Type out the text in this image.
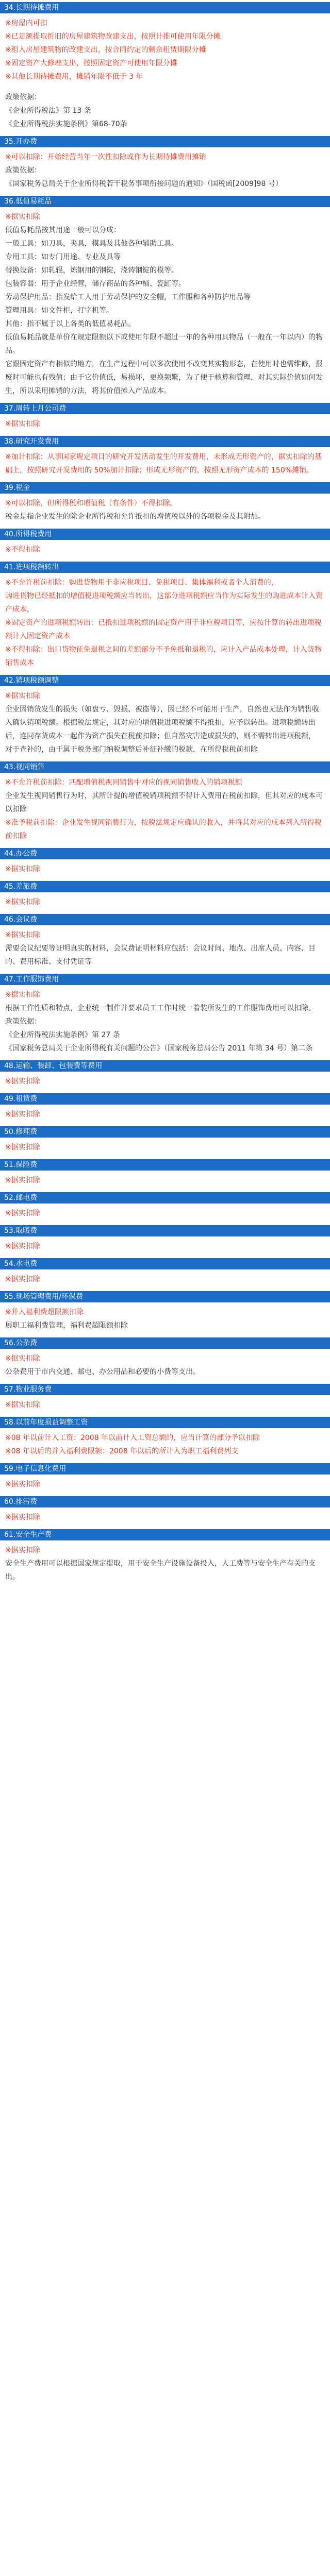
34.长期待摊费用
※房屋内可扣
※已足额提取折旧的房屋建筑物改建支出，按照计推可使用年限分摊
※租入房屋建筑物的改建支出，按合同约定的剩余租赁期限分摊
※固定资产大修理支出，按照固定资产可使用年限分摊
※其他长期待摊费用，摊销年限不低于 3 年
政策依据：
《企业所得税法》第 13 条
《企业所得税法实施条例》第68-70条
35.开办费
※可以扣除：开始经营当年一次性扣除或作为长期待摊费用摊销
政策依据：
《国家税务总局关于企业所得税若干税务事项衔接问题的通知》（国税函[2009]98 号）
36.低值易耗品
※据实扣除
低值易耗品按其用途一般可以分成：
一般工具：如刀具，夹具，模具及其他各种辅助工具。
专用工具：如专门用途、专业及具等
替换设备：如轧辊，炼钢用的钢锭，浇铸钢锭的模等。
包装容器：用于企业经营，储存商品的各种桶、瓷缸等。
劳动保护用品：指发给工人用于劳动保护的安全帽，工作服和各种防护用品等
管理用具：如文件柜，打字机等。
其他：指不属于以上各类的低值易耗品。
低值易耗品就是单价在规定限额以下或使用年限不超过一年的各种用具物品（一般在一年以内）的物品。
它跟固定资产有相似的地方，在生产过程中可以多次使用不改变其实物形态，在使用时也需维修，报废时可能也有残值；由于它价值低，易损坏，更换频繁，为了便于核算和管理，对其实际价值如何发生，所以采用摊销的方法，将其价值摊入产品成本。
37.周转上月公司费
※据实扣除
38.研究开发费用
※加计扣除：从事国家规定项目的研究开发活动发生的开发费用，未形成无形资产的，据实扣除的基础上，按照研究开发费用的 50%加计扣除；形成无形资产的，按照无形资产成本的 150%摊销。
39.税金
※可以扣除，但所得税和增值税（有条件）不得扣除。
税金是指企业发生的除企业所得税和允许抵扣的增值税以外的各项税金及其附加。
40.所得税费用
※不得扣除
41.进项税额转出
※不允许税前扣除：购进货物用于非应税项目、免税项目、集体福利或者个人消费的，
购进货物已经抵扣的增值税进项税额应当转出，这部分进项税额应当作为实际发生的购进成本计入资产成本，
※固定资产的进项税额转出：已抵扣进项税额的固定资产用于非应税项目等，应按计算的转出进项税额计入固定资产成本
※不得扣除：出口货物征免退税之间的差额部分不予免抵和退税的，应计入产品成本处理，计入货物销售成本
42.销项税额调整
※据实扣除
企业因销货发生的损失（如盘亏、毁损、被盗等），因已经不可能用于生产，自然也无法作为销售收入确认销项税额。根据税法规定，其对应的增值税进项税额不得抵扣，应予以转出。进项税额转出后，连同存货成本一起作为资产损失在税前扣除；但自然灾害造成损失的，则不需转出进项税额，
对于查补的，由于属于税务部门纳税调整后补征补缴的税款，在所得税税前扣除
43.视同销售
※不允许税前扣除：匹配增值税视同销售中对应的视同销售收入的销项税额
企业发生视同销售行为时，其所计提的增值税销项税额不得计入费用在税前扣除，但其对应的成本可以扣除
※准予税前扣除：企业发生视同销售行为，按税法规定应确认的收入，并将其对应的成本列入所得税前扣除
44.办公费
※据实扣除
45.差旅费
※据实扣除
46.会议费
※据实扣除
需要会议纪要等证明真实的材料，会议费证明材料应包括：会议时间、地点、出席人员、内容、目的、费用标准、支付凭证等
47.工作服饰费用
※据实扣除
根据工作性质和特点，企业统一制作并要求员工工作时统一着装所发生的工作服饰费用可以扣除。
政策依据：
《企业所得税法实施条例》第 27 条
《国家税务总局关于企业所得税有关问题的公告》（国家税务总局公告 2011 年第 34 号）第二条
48.运输、装卸、包装费等费用
※据实扣除
49.租赁费
※据实扣除
50.修理费
※据实扣除
51.保险费
※据实扣除
52.邮电费
※据实扣除
53.取暖费
※据实扣除
54.水电费
※据实扣除
55.现场管理费用/环保费
※并入福利费超限额扣除
展职工福利费管理，福利费超限额扣除
56.公杂费
※据实扣除
公杂费用于市内交通、邮电、办公用品和必要的小费等支出。
57.物业服务费
※据实扣除
58.以前年度损益调整工资
※08 年以前计入工资：2008 年以前计入工资总额的，应当计算的部分予以扣除
※08 年以后的并入福利费限额：2008 年以后的所计入为职工福利费列支
59.电子信息化费用
※据实扣除
60.排污费
※据实扣除
61.安全生产费
※据实扣除
安全生产费用可以根据国家规定提取，用于安全生产设施设备投入，人工费等与安全生产有关的支出。
